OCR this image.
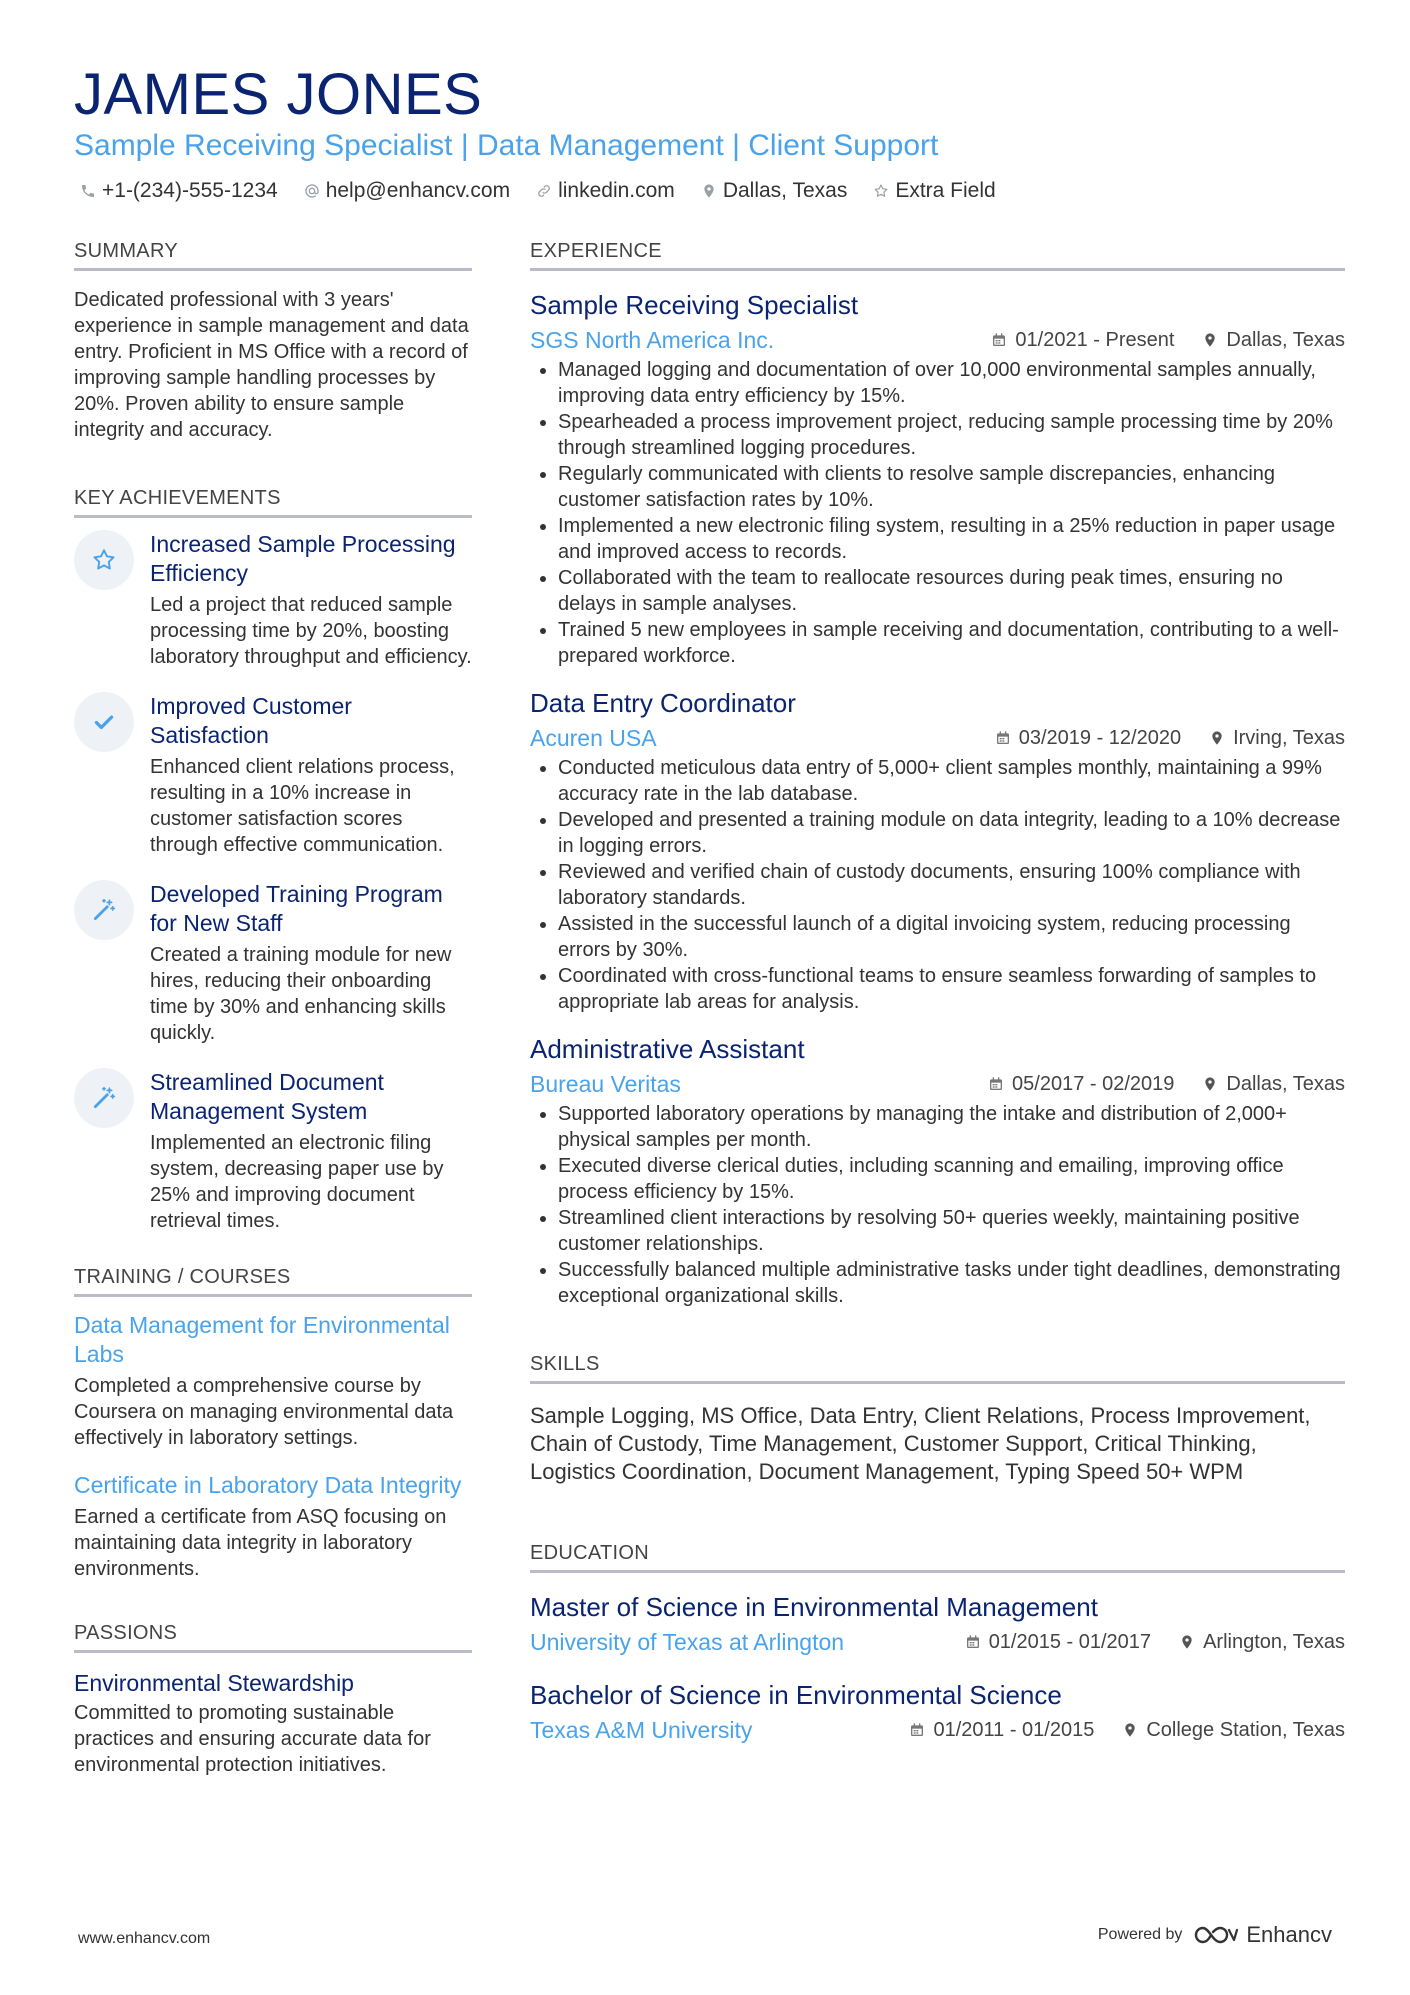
JAMES JONES
Sample Receiving Specialist | Data Management | Client Support
+1-(234)-555-1234 help@enhancv.com linkedin.com Dallas, Texas Extra Field
SUMMARY
Dedicated professional with 3 years' experience in sample management and data entry. Proficient in MS Office with a record of improving sample handling processes by 20%. Proven ability to ensure sample integrity and accuracy.
KEY ACHIEVEMENTS
Increased Sample Processing Efficiency
Led a project that reduced sample processing time by 20%, boosting laboratory throughput and efficiency.
Improved Customer Satisfaction
Enhanced client relations process, resulting in a 10% increase in customer satisfaction scores through effective communication.
Developed Training Program for New Staff
Created a training module for new hires, reducing their onboarding time by 30% and enhancing skills quickly.
Streamlined Document Management System
Implemented an electronic filing system, decreasing paper use by 25% and improving document retrieval times.
TRAINING / COURSES
Data Management for Environmental Labs
Completed a comprehensive course by Coursera on managing environmental data effectively in laboratory settings.
Certificate in Laboratory Data Integrity
Earned a certificate from ASQ focusing on maintaining data integrity in laboratory environments.
PASSIONS
Environmental Stewardship
Committed to promoting sustainable practices and ensuring accurate data for environmental protection initiatives.
EXPERIENCE
Sample Receiving Specialist
SGS North America Inc.	01/2021 - Present	Dallas, Texas
• Managed logging and documentation of over 10,000 environmental samples annually, improving data entry efficiency by 15%.
• Spearheaded a process improvement project, reducing sample processing time by 20% through streamlined logging procedures.
• Regularly communicated with clients to resolve sample discrepancies, enhancing customer satisfaction rates by 10%.
• Implemented a new electronic filing system, resulting in a 25% reduction in paper usage and improved access to records.
• Collaborated with the team to reallocate resources during peak times, ensuring no delays in sample analyses.
• Trained 5 new employees in sample receiving and documentation, contributing to a well-prepared workforce.
Data Entry Coordinator
Acuren USA	03/2019 - 12/2020	Irving, Texas
• Conducted meticulous data entry of 5,000+ client samples monthly, maintaining a 99% accuracy rate in the lab database.
• Developed and presented a training module on data integrity, leading to a 10% decrease in logging errors.
• Reviewed and verified chain of custody documents, ensuring 100% compliance with laboratory standards.
• Assisted in the successful launch of a digital invoicing system, reducing processing errors by 30%.
• Coordinated with cross-functional teams to ensure seamless forwarding of samples to appropriate lab areas for analysis.
Administrative Assistant
Bureau Veritas	05/2017 - 02/2019	Dallas, Texas
• Supported laboratory operations by managing the intake and distribution of 2,000+ physical samples per month.
• Executed diverse clerical duties, including scanning and emailing, improving office process efficiency by 15%.
• Streamlined client interactions by resolving 50+ queries weekly, maintaining positive customer relationships.
• Successfully balanced multiple administrative tasks under tight deadlines, demonstrating exceptional organizational skills.
SKILLS
Sample Logging, MS Office, Data Entry, Client Relations, Process Improvement, Chain of Custody, Time Management, Customer Support, Critical Thinking, Logistics Coordination, Document Management, Typing Speed 50+ WPM
EDUCATION
Master of Science in Environmental Management
University of Texas at Arlington	01/2015 - 01/2017	Arlington, Texas
Bachelor of Science in Environmental Science
Texas A&M University	01/2011 - 01/2015	College Station, Texas
www.enhancv.com	Powered by	Enhancv
